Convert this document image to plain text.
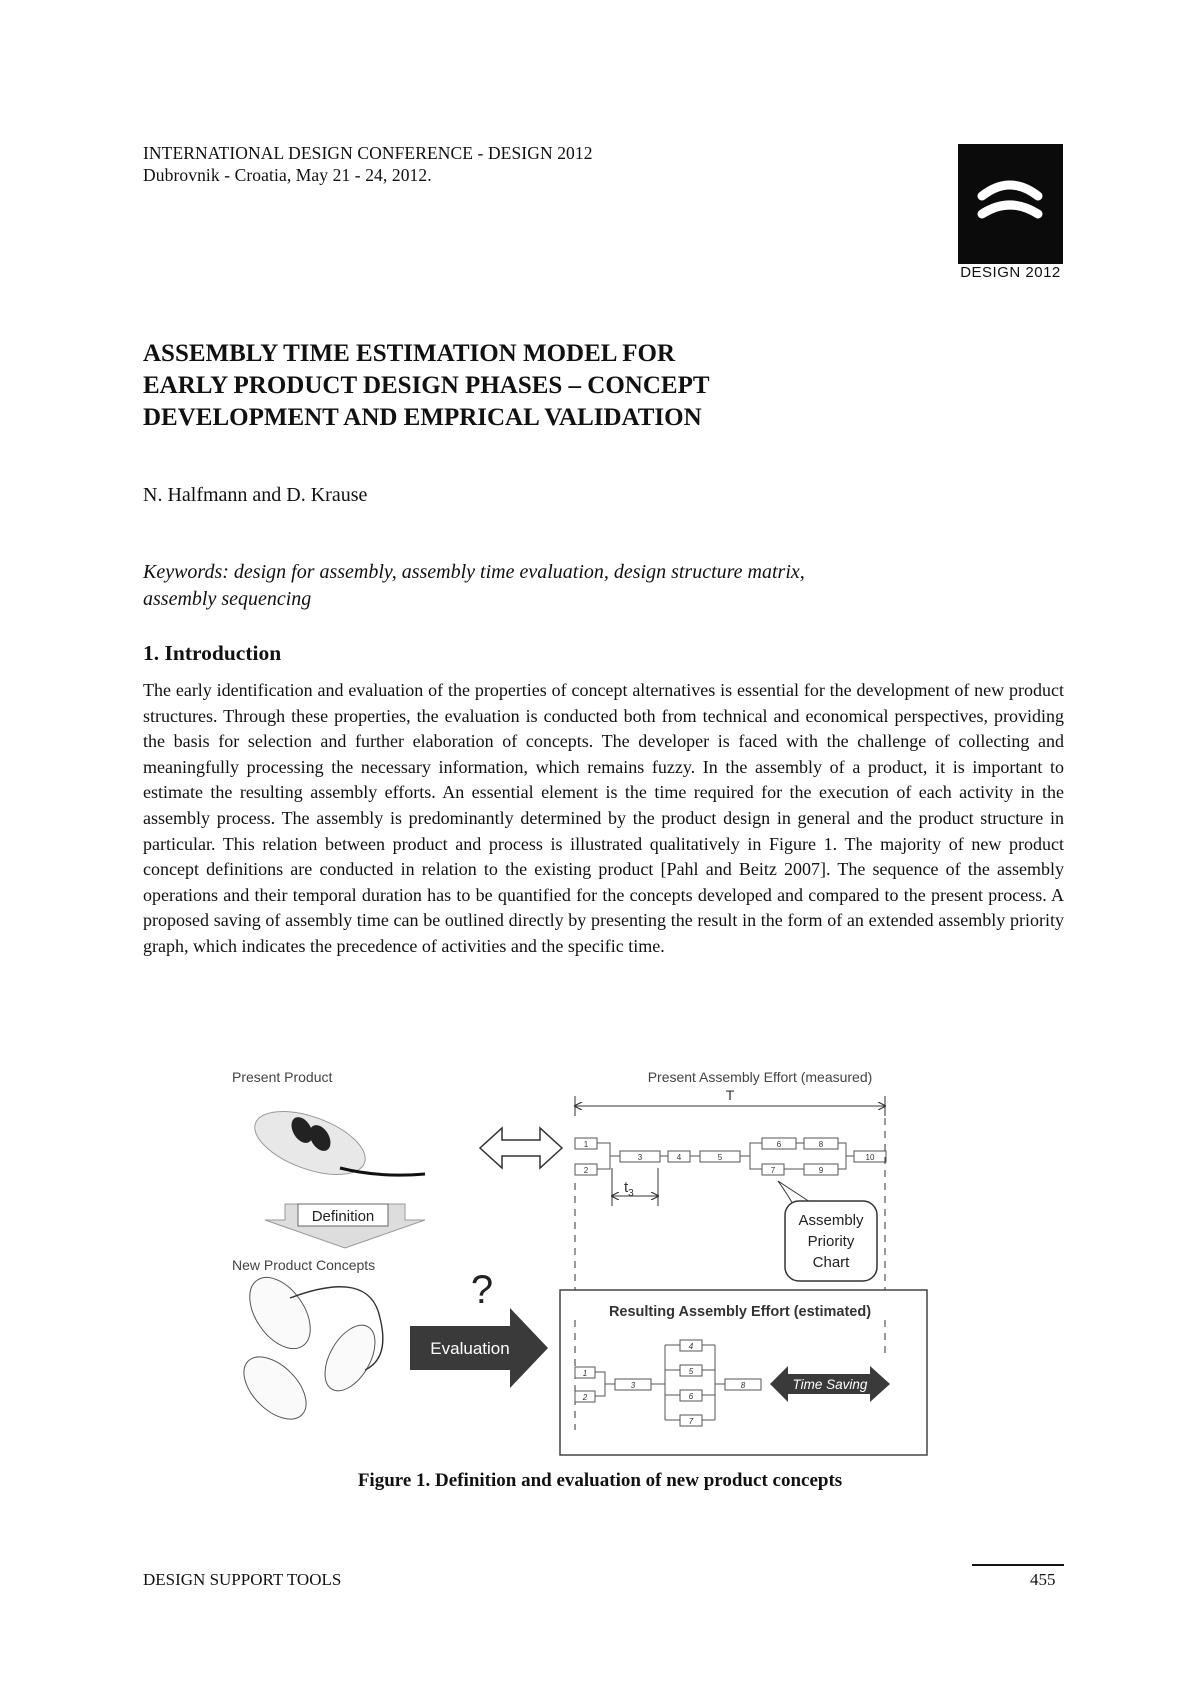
INTERNATIONAL DESIGN CONFERENCE - DESIGN 2012
Dubrovnik - Croatia, May 21 - 24, 2012.
DESIGN 2012
ASSEMBLY TIME ESTIMATION MODEL FOR
EARLY PRODUCT DESIGN PHASES – CONCEPT
DEVELOPMENT AND EMPRICAL VALIDATION
N. Halfmann and D. Krause
Keywords: design for assembly, assembly time evaluation, design structure matrix, assembly sequencing
1. Introduction
The early identification and evaluation of the properties of concept alternatives is essential for the development of new product structures. Through these properties, the evaluation is conducted both from technical and economical perspectives, providing the basis for selection and further elaboration of concepts. The developer is faced with the challenge of collecting and meaningfully processing the necessary information, which remains fuzzy. In the assembly of a product, it is important to estimate the resulting assembly efforts. An essential element is the time required for the execution of each activity in the assembly process. The assembly is predominantly determined by the product design in general and the product structure in particular. This relation between product and process is illustrated qualitatively in Figure 1. The majority of new product concept definitions are conducted in relation to the existing product [Pahl and Beitz 2007]. The sequence of the assembly operations and their temporal duration has to be quantified for the concepts developed and compared to the present process. A proposed saving of assembly time can be outlined directly by presenting the result in the form of an extended assembly priority graph, which indicates the precedence of activities and the specific time.
Present Product
Definition
New Product Concepts
Present Assembly Effort (measured)
T
1
2
3	4	5
6	8
7	9
10
$t_3$
Assembly
Priority
Chart
?
Evaluation
Resulting Assembly Effort (estimated)
1
2
3
4
5
6
7
8	Time Saving
Figure 1. Definition and evaluation of new product concepts
DESIGN SUPPORT TOOLS	455
